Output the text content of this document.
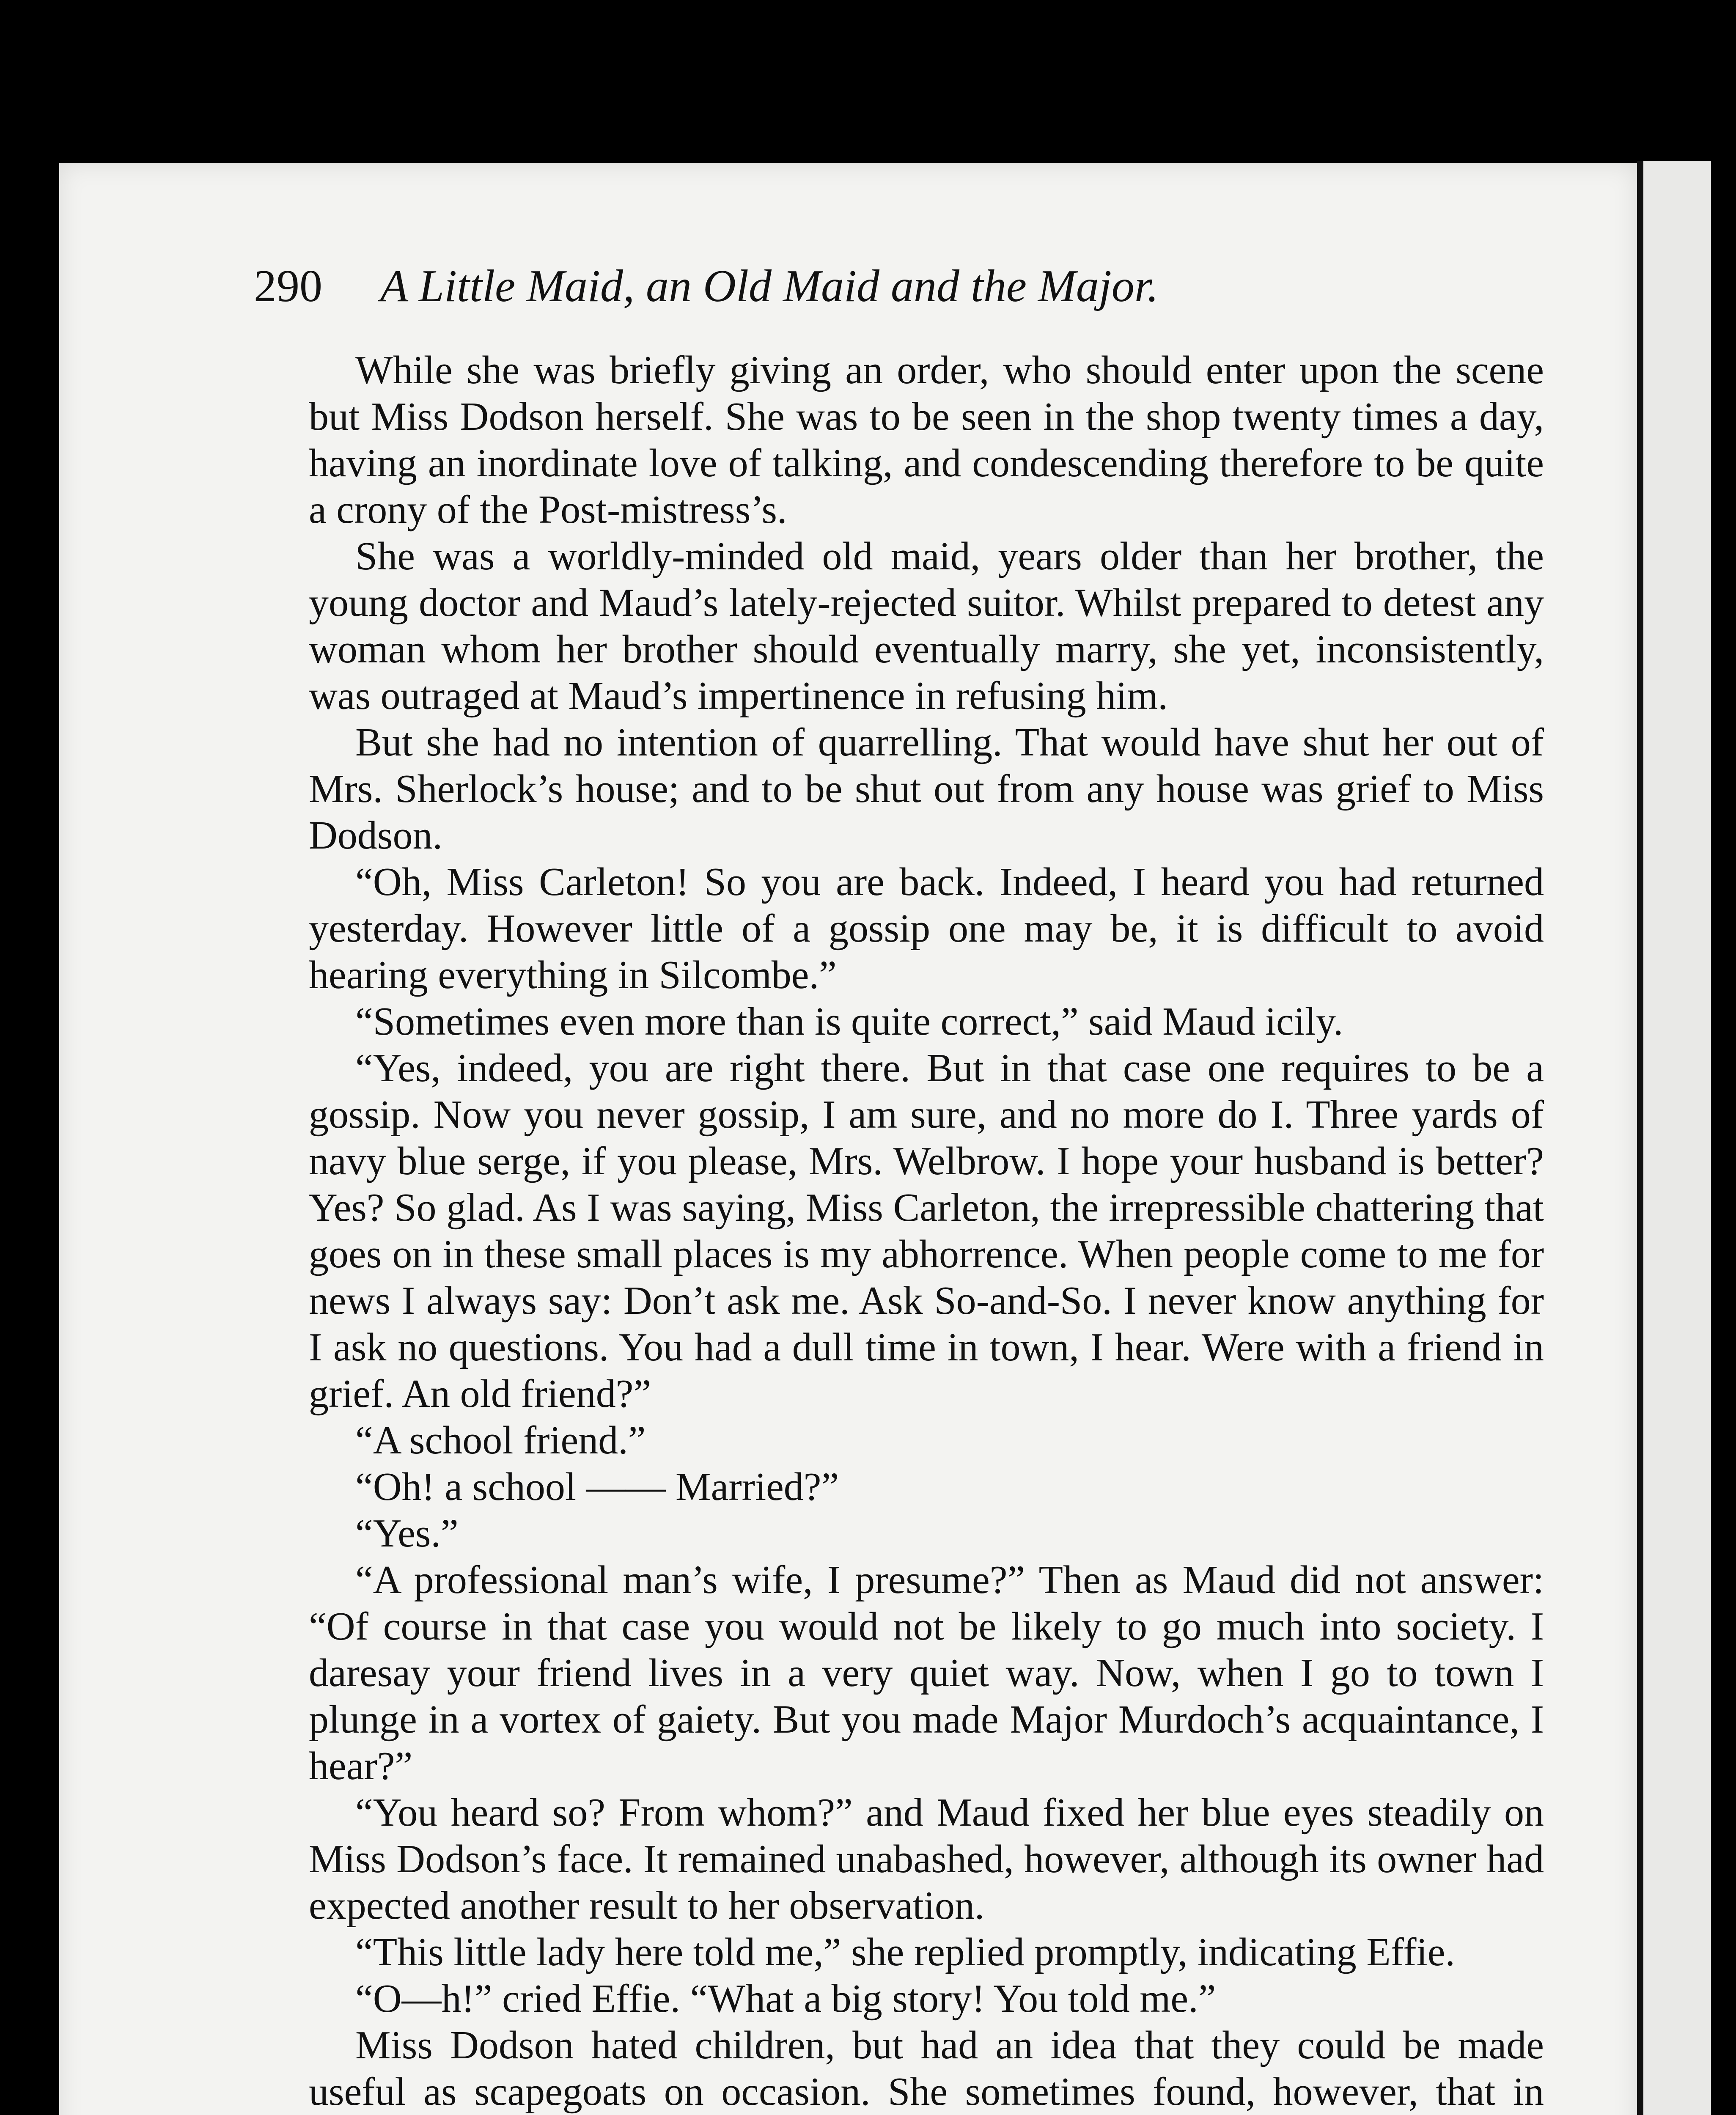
290 A Little Maid, an Old Maid and the Major.

While she was briefly giving an order, who should enter upon the scene but Miss Dodson herself. She was to be seen in the shop twenty times a day, having an inordinate love of talking, and condescending therefore to be quite a crony of the Post-mistress’s.

She was a worldly-minded old maid, years older than her brother, the young doctor and Maud’s lately-rejected suitor. Whilst prepared to detest any woman whom her brother should eventually marry, she yet, inconsistently, was outraged at Maud’s impertinence in refusing him.

But she had no intention of quarrelling. That would have shut her out of Mrs. Sherlock’s house; and to be shut out from any house was grief to Miss Dodson.

“Oh, Miss Carleton! So you are back. Indeed, I heard you had returned yesterday. However little of a gossip one may be, it is difficult to avoid hearing everything in Silcombe.”

“Sometimes even more than is quite correct,” said Maud icily.

“Yes, indeed, you are right there. But in that case one requires to be a gossip. Now you never gossip, I am sure, and no more do I. Three yards of navy blue serge, if you please, Mrs. Welbrow. I hope your husband is better? Yes? So glad. As I was saying, Miss Carleton, the irrepressible chattering that goes on in these small places is my abhorrence. When people come to me for news I always say: Don’t ask me. Ask So-and-So. I never know anything for I ask no questions. You had a dull time in town, I hear. Were with a friend in grief. An old friend?”

“A school friend.”

“Oh! a school —— Married?”

“Yes.”

“A professional man’s wife, I presume?” Then as Maud did not answer: “Of course in that case you would not be likely to go much into society. I daresay your friend lives in a very quiet way. Now, when I go to town I plunge in a vortex of gaiety. But you made Major Murdoch’s acquaintance, I hear?”

“You heard so? From whom?” and Maud fixed her blue eyes steadily on Miss Dodson’s face. It remained unabashed, however, although its owner had expected another result to her observation.

“This little lady here told me,” she replied promptly, indicating Effie.

“O—h!” cried Effie. “What a big story! You told me.”

Miss Dodson hated children, but had an idea that they could be made useful as scapegoats on occasion. She sometimes found, however, that in
